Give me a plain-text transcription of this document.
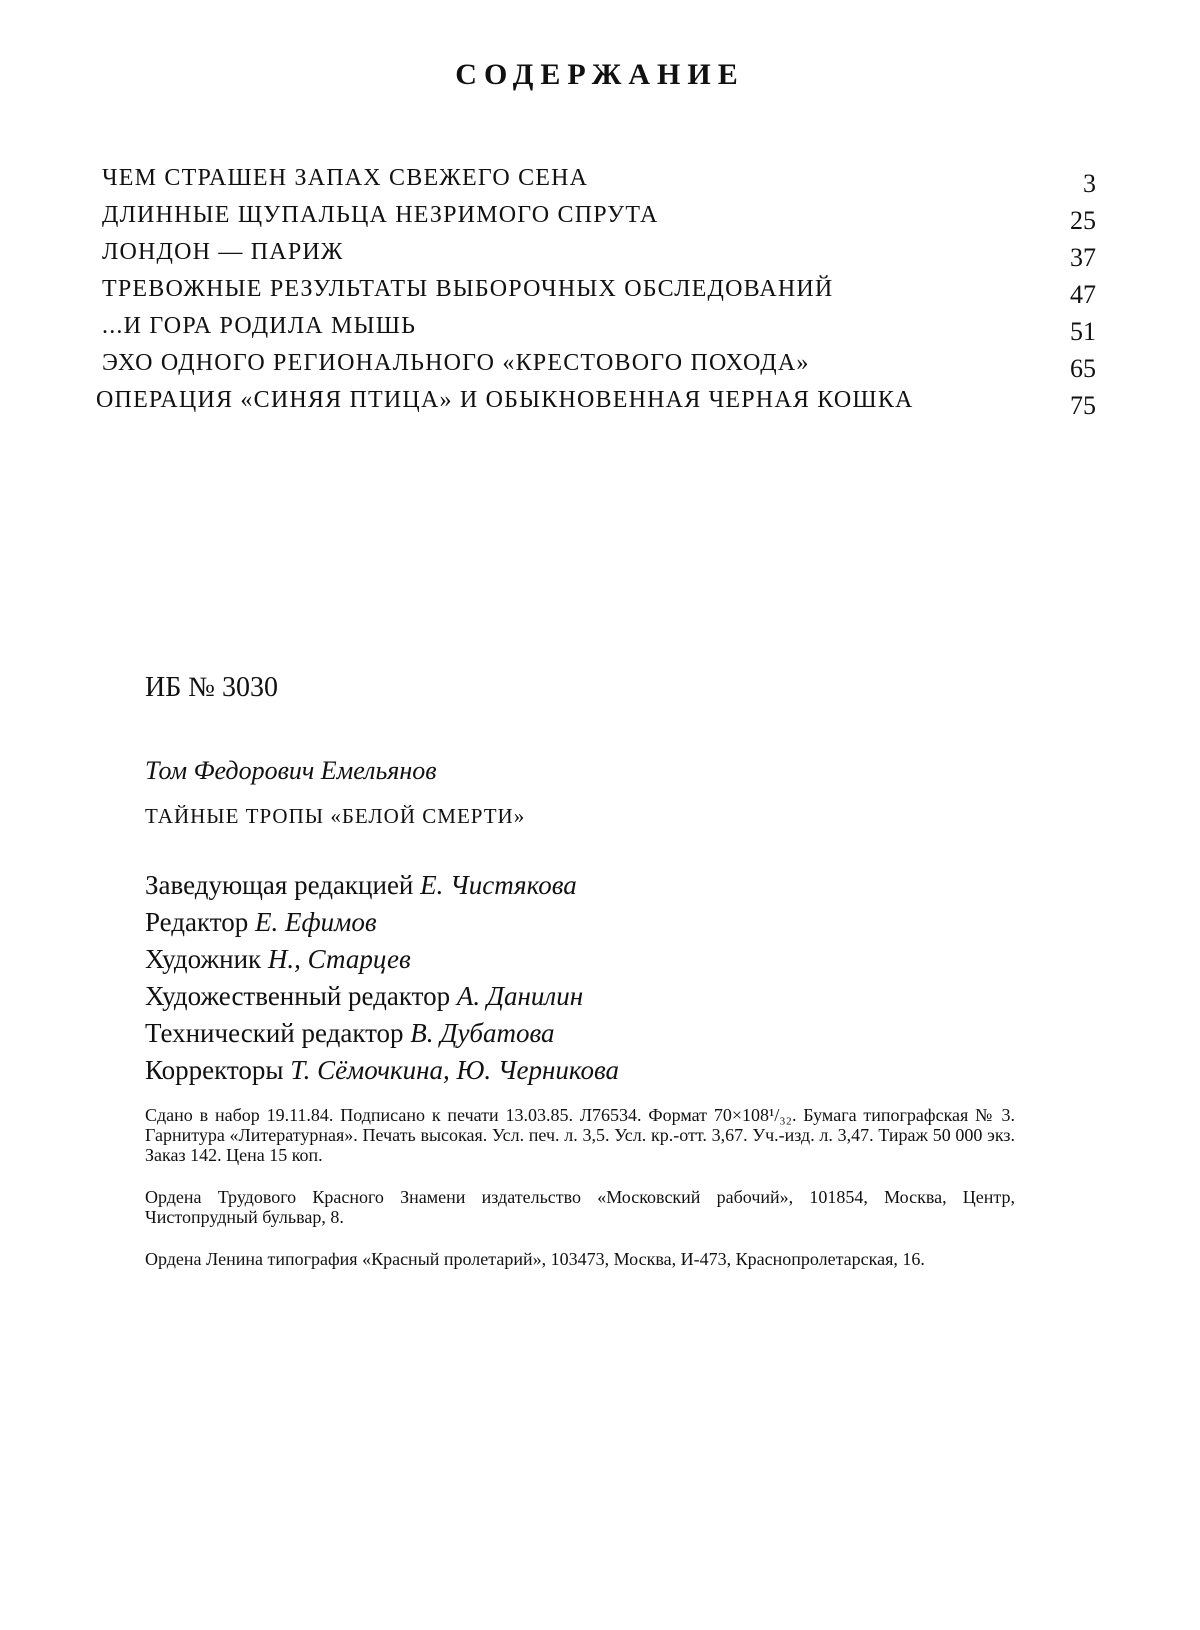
СОДЕРЖАНИЕ
ЧЕМ СТРАШЕН ЗАПАХ СВЕЖЕГО СЕНА	3
ДЛИННЫЕ ЩУПАЛЬЦА НЕЗРИМОГО СПРУТА	25
ЛОНДОН — ПАРИЖ	37
ТРЕВОЖНЫЕ РЕЗУЛЬТАТЫ ВЫБОРОЧНЫХ ОБСЛЕДОВАНИЙ	47
...И ГОРА РОДИЛА МЫШЬ	51
ЭХО ОДНОГО РЕГИОНАЛЬНОГО «КРЕСТОВОГО ПОХОДА»	65
ОПЕРАЦИЯ «СИНЯЯ ПТИЦА» И ОБЫКНОВЕННАЯ ЧЕРНАЯ КОШКА	75
ИБ № 3030
Том Федорович Емельянов
ТАЙНЫЕ ТРОПЫ «БЕЛОЙ СМЕРТИ»
Заведующая редакцией Е. Чистякова
Редактор Е. Ефимов
Художник Н., Старцев
Художественный редактор А. Данилин
Технический редактор В. Дубатова
Корректоры Т. Сёмочкина, Ю. Черникова
Сдано в набор 19.11.84. Подписано к печати 13.03.85. Л76534. Формат 70×108¹/₃₂. Бумага типографская № 3. Гарнитура «Литературная». Печать высокая. Усл. печ. л. 3,5. Усл. кр.-отт. 3,67. Уч.-изд. л. 3,47. Тираж 50 000 экз. Заказ 142. Цена 15 коп.
Ордена Трудового Красного Знамени издательство «Московский рабочий», 101854, Москва, Центр, Чистопрудный бульвар, 8.
Ордена Ленина типография «Красный пролетарий», 103473, Москва, И-473, Краснопролетарская, 16.
